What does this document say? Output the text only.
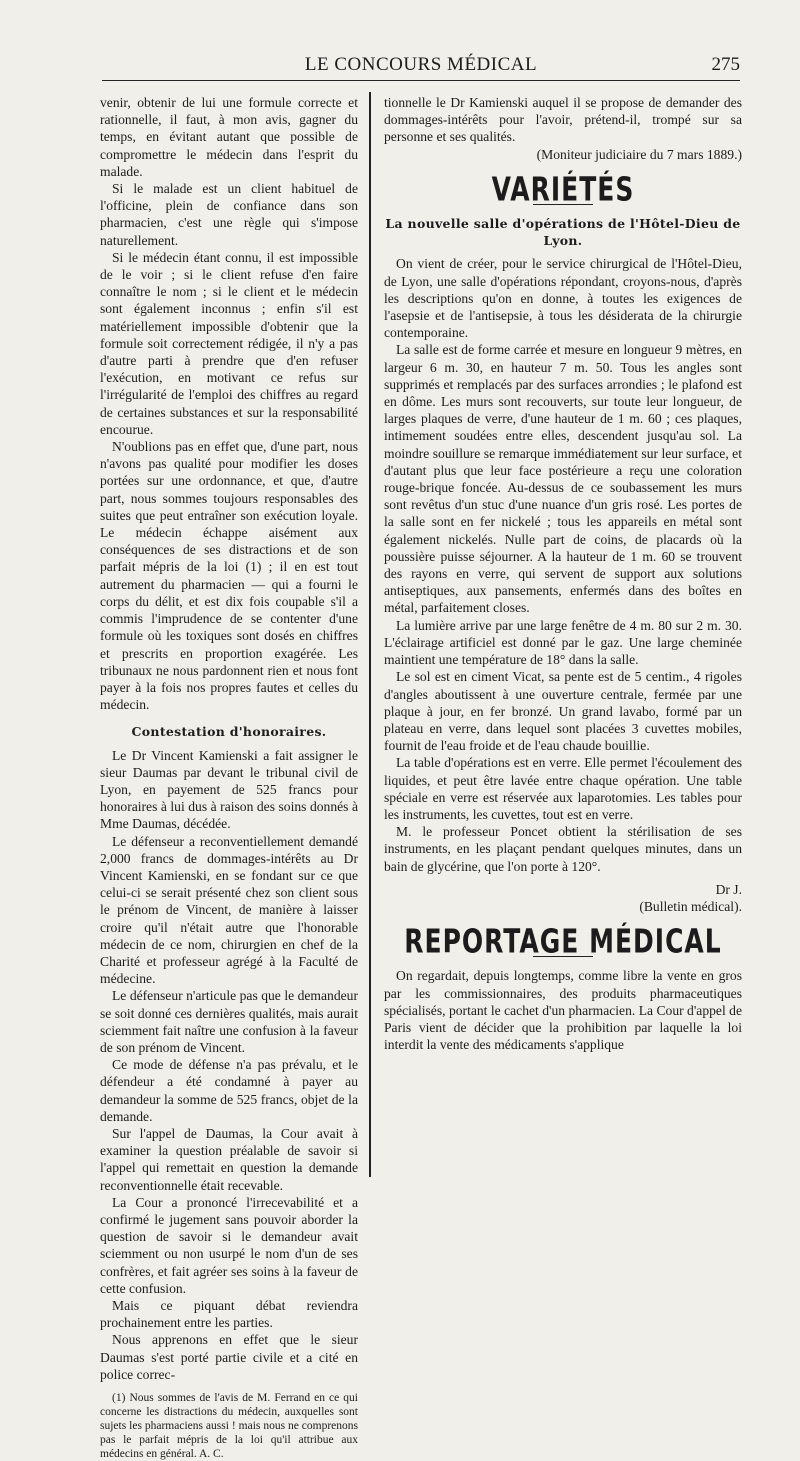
LE CONCOURS MÉDICAL	275

venir, obtenir de lui une formule correcte et rationnelle, il faut, à mon avis, gagner du temps, en évitant autant que possible de compromettre le médecin dans l'esprit du malade.

Si le malade est un client habituel de l'officine, plein de confiance dans son pharmacien, c'est une règle qui s'impose naturellement.

Si le médecin étant connu, il est impossible de le voir ; si le client refuse d'en faire connaître le nom ; si le client et le médecin sont également inconnus ; enfin s'il est matériellement impossible d'obtenir que la formule soit correctement rédigée, il n'y a pas d'autre parti à prendre que d'en refuser l'exécution, en motivant ce refus sur l'irrégularité de l'emploi des chiffres au regard de certaines substances et sur la responsabilité encourue.

N'oublions pas en effet que, d'une part, nous n'avons pas qualité pour modifier les doses portées sur une ordonnance, et que, d'autre part, nous sommes toujours responsables des suites que peut entraîner son exécution loyale. Le médecin échappe aisément aux conséquences de ses distractions et de son parfait mépris de la loi (1) ; il en est tout autrement du pharmacien — qui a fourni le corps du délit, et est dix fois coupable s'il a commis l'imprudence de se contenter d'une formule où les toxiques sont dosés en chiffres et prescrits en proportion exagérée. Les tribunaux ne nous pardonnent rien et nous font payer à la fois nos propres fautes et celles du médecin.

Contestation d'honoraires.

Le Dr Vincent Kamienski a fait assigner le sieur Daumas par devant le tribunal civil de Lyon, en payement de 525 francs pour honoraires à lui dus à raison des soins donnés à Mme Daumas, décédée.

Le défenseur a reconventiellement demandé 2,000 francs de dommages-intérêts au Dr Vincent Kamienski, en se fondant sur ce que celui-ci se serait présenté chez son client sous le prénom de Vincent, de manière à laisser croire qu'il n'était autre que l'honorable médecin de ce nom, chirurgien en chef de la Charité et professeur agrégé à la Faculté de médecine.

Le défenseur n'articule pas que le demandeur se soit donné ces dernières qualités, mais aurait sciemment fait naître une confusion à la faveur de son prénom de Vincent.

Ce mode de défense n'a pas prévalu, et le défendeur a été condamné à payer au demandeur la somme de 525 francs, objet de la demande.

Sur l'appel de Daumas, la Cour avait à examiner la question préalable de savoir si l'appel qui remettait en question la demande reconventionnelle était recevable.

La Cour a prononcé l'irrecevabilité et a confirmé le jugement sans pouvoir aborder la question de savoir si le demandeur avait sciemment ou non usurpé le nom d'un de ses confrères, et fait agréer ses soins à la faveur de cette confusion.

Mais ce piquant débat reviendra prochainement entre les parties.

Nous apprenons en effet que le sieur Daumas s'est porté partie civile et a cité en police correc-

(1) Nous sommes de l'avis de M. Ferrand en ce qui concerne les distractions du médecin, auxquelles sont sujets les pharmaciens aussi ! mais nous ne comprenons pas le parfait mépris de la loi qu'il attribue aux médecins en général. A. C.

tionnelle le Dr Kamienski auquel il se propose de demander des dommages-intérêts pour l'avoir, prétend-il, trompé sur sa personne et ses qualités.

(Moniteur judiciaire du 7 mars 1889.)
VARIÉTÉS
La nouvelle salle d'opérations de l'Hôtel-Dieu de Lyon.

On vient de créer, pour le service chirurgical de l'Hôtel-Dieu, de Lyon, une salle d'opérations répondant, croyons-nous, d'après les descriptions qu'on en donne, à toutes les exigences de l'asepsie et de l'antisepsie, à tous les désiderata de la chirurgie contemporaine.

La salle est de forme carrée et mesure en longueur 9 mètres, en largeur 6 m. 30, en hauteur 7 m. 50. Tous les angles sont supprimés et remplacés par des surfaces arrondies ; le plafond est en dôme. Les murs sont recouverts, sur toute leur longueur, de larges plaques de verre, d'une hauteur de 1 m. 60 ; ces plaques, intimement soudées entre elles, descendent jusqu'au sol. La moindre souillure se remarque immédiatement sur leur surface, et d'autant plus que leur face postérieure a reçu une coloration rouge-brique foncée. Au-dessus de ce soubassement les murs sont revêtus d'un stuc d'une nuance d'un gris rosé. Les portes de la salle sont en fer nickelé ; tous les appareils en métal sont également nickelés. Nulle part de coins, de placards où la poussière puisse séjourner. A la hauteur de 1 m. 60 se trouvent des rayons en verre, qui servent de support aux solutions antiseptiques, aux pansements, enfermés dans des boîtes en métal, parfaitement closes.

La lumière arrive par une large fenêtre de 4 m. 80 sur 2 m. 30. L'éclairage artificiel est donné par le gaz. Une large cheminée maintient une température de 18° dans la salle.

Le sol est en ciment Vicat, sa pente est de 5 centim., 4 rigoles d'angles aboutissent à une ouverture centrale, fermée par une plaque à jour, en fer bronzé. Un grand lavabo, formé par un plateau en verre, dans lequel sont placées 3 cuvettes mobiles, fournit de l'eau froide et de l'eau chaude bouillie.

La table d'opérations est en verre. Elle permet l'écoulement des liquides, et peut être lavée entre chaque opération. Une table spéciale en verre est réservée aux laparotomies. Les tables pour les instruments, les cuvettes, tout est en verre.

M. le professeur Poncet obtient la stérilisation de ses instruments, en les plaçant pendant quelques minutes, dans un bain de glycérine, que l'on porte à 120°.

Dr J.
(Bulletin médical).
REPORTAGE MÉDICAL

On regardait, depuis longtemps, comme libre la vente en gros par les commissionnaires, des produits pharmaceutiques spécialisés, portant le cachet d'un pharmacien. La Cour d'appel de Paris vient de décider que la prohibition par laquelle la loi interdit la vente des médicaments s'applique
